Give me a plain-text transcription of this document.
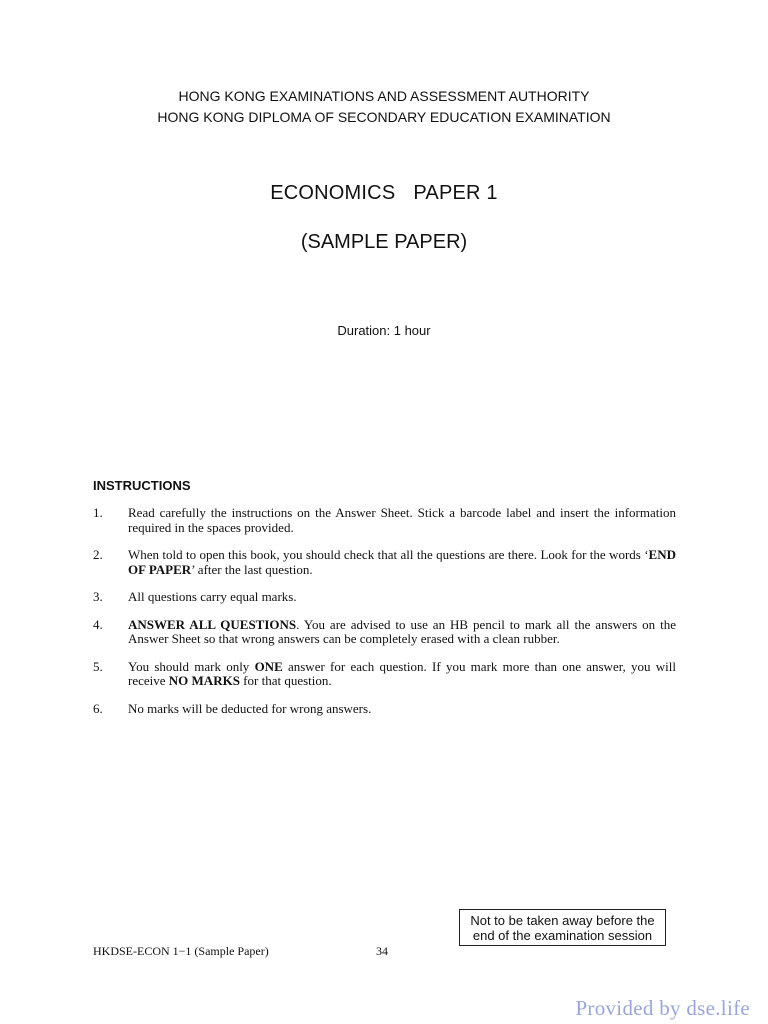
HONG KONG EXAMINATIONS AND ASSESSMENT AUTHORITY
HONG KONG DIPLOMA OF SECONDARY EDUCATION EXAMINATION
ECONOMICS PAPER 1
(SAMPLE PAPER)
Duration: 1 hour
INSTRUCTIONS
1.	Read carefully the instructions on the Answer Sheet. Stick a barcode label and insert the information required in the spaces provided.
2.	When told to open this book, you should check that all the questions are there. Look for the words ‘END OF PAPER’ after the last question.
3.	All questions carry equal marks.
4.	ANSWER ALL QUESTIONS. You are advised to use an HB pencil to mark all the answers on the Answer Sheet so that wrong answers can be completely erased with a clean rubber.
5.	You should mark only ONE answer for each question. If you mark more than one answer, you will receive NO MARKS for that question.
6.	No marks will be deducted for wrong answers.
Not to be taken away before the
end of the examination session
HKDSE-ECON 1−1 (Sample Paper)	34
Provided by dse.life
